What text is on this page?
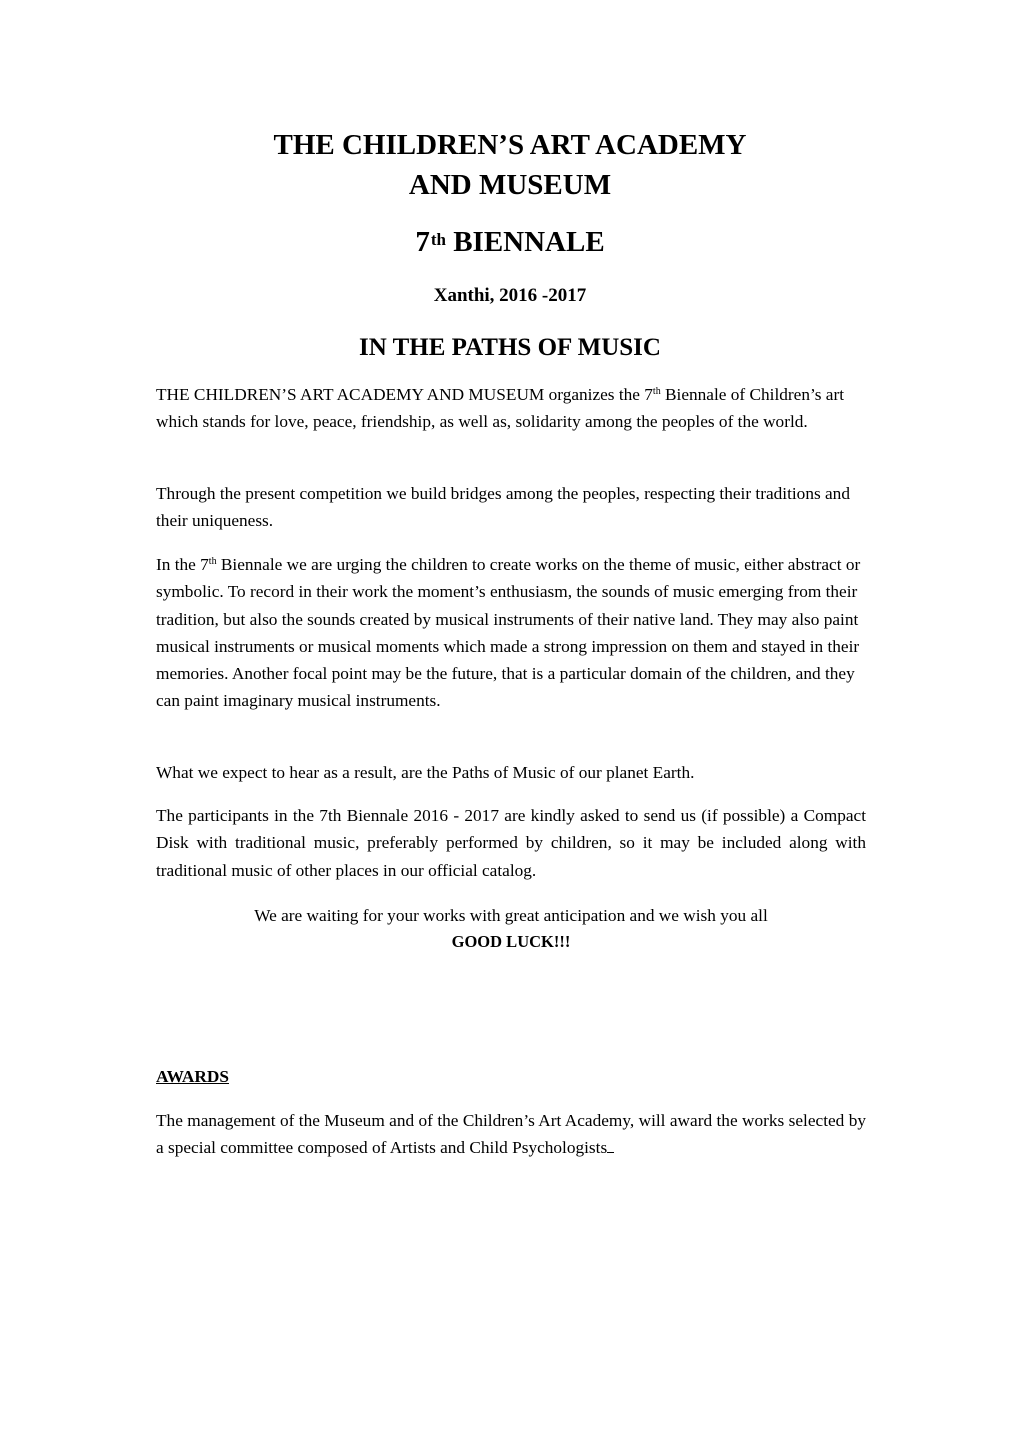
THE CHILDREN’S ART ACADEMY
AND MUSEUM
7th BIENNALE

Xanthi, 2016 -2017

IN THE PATHS OF MUSIC

THE CHILDREN’S ART ACADEMY AND MUSEUM organizes the 7th Biennale of Children’s art which stands for love, peace, friendship, as well as, solidarity among the peoples of the world.

Through the present competition we build bridges among the peoples, respecting their traditions and their uniqueness.

In the 7th Biennale we are urging the children to create works on the theme of music, either abstract or symbolic. To record in their work the moment’s enthusiasm, the sounds of music emerging from their tradition, but also the sounds created by musical instruments of their native land. They may also paint musical instruments or musical moments which made a strong impression on them and stayed in their memories. Another focal point may be the future, that is a particular domain of the children, and they can paint imaginary musical instruments.

What we expect to hear as a result, are the Paths of Music of our planet Earth.

The participants in the 7th Biennale 2016 - 2017 are kindly asked to send us (if possible) a Compact Disk with traditional music, preferably performed by children, so it may be included along with traditional music of other places in our official catalog.

We are waiting for your works with great anticipation and we wish you all
GOOD LUCK!!!

AWARDS

The management of the Museum and of the Children’s Art Academy, will award the works selected by a special committee composed of Artists and Child Psychologists
